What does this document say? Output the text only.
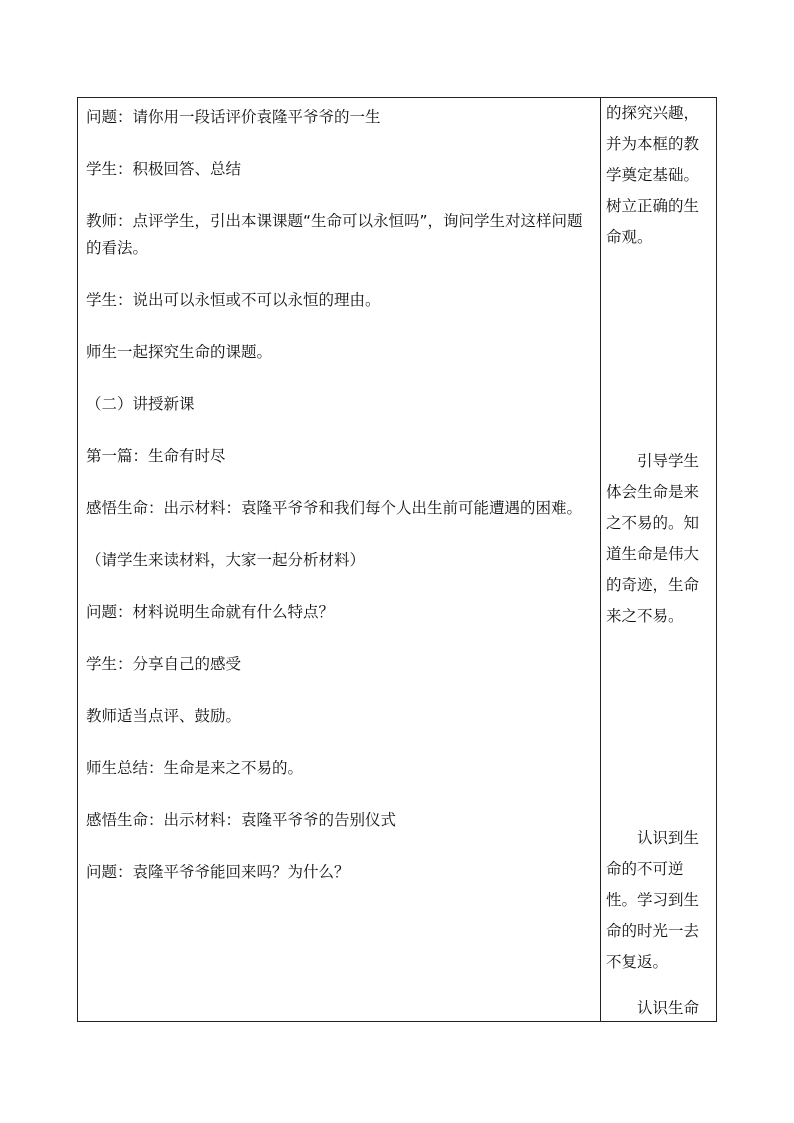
问题：请你用一段话评价袁隆平爷爷的一生

学生：积极回答、总结

教师：点评学生，引出本课课题“生命可以永恒吗”，询问学生对这样问题的看法。

学生：说出可以永恒或不可以永恒的理由。

师生一起探究生命的课题。

（二）讲授新课

第一篇：生命有时尽

感悟生命：出示材料：袁隆平爷爷和我们每个人出生前可能遭遇的困难。

（请学生来读材料，大家一起分析材料）

问题：材料说明生命就有什么特点？

学生：分享自己的感受

教师适当点评、鼓励。

师生总结：生命是来之不易的。

感悟生命：出示材料：袁隆平爷爷的告别仪式

问题：袁隆平爷爷能回来吗？为什么？

的探究兴趣，并为本框的教学奠定基础。树立正确的生命观。

引导学生体会生命是来之不易的。知道生命是伟大的奇迹，生命来之不易。

认识到生命的不可逆性。学习到生命的时光一去不复返。

认识生命
